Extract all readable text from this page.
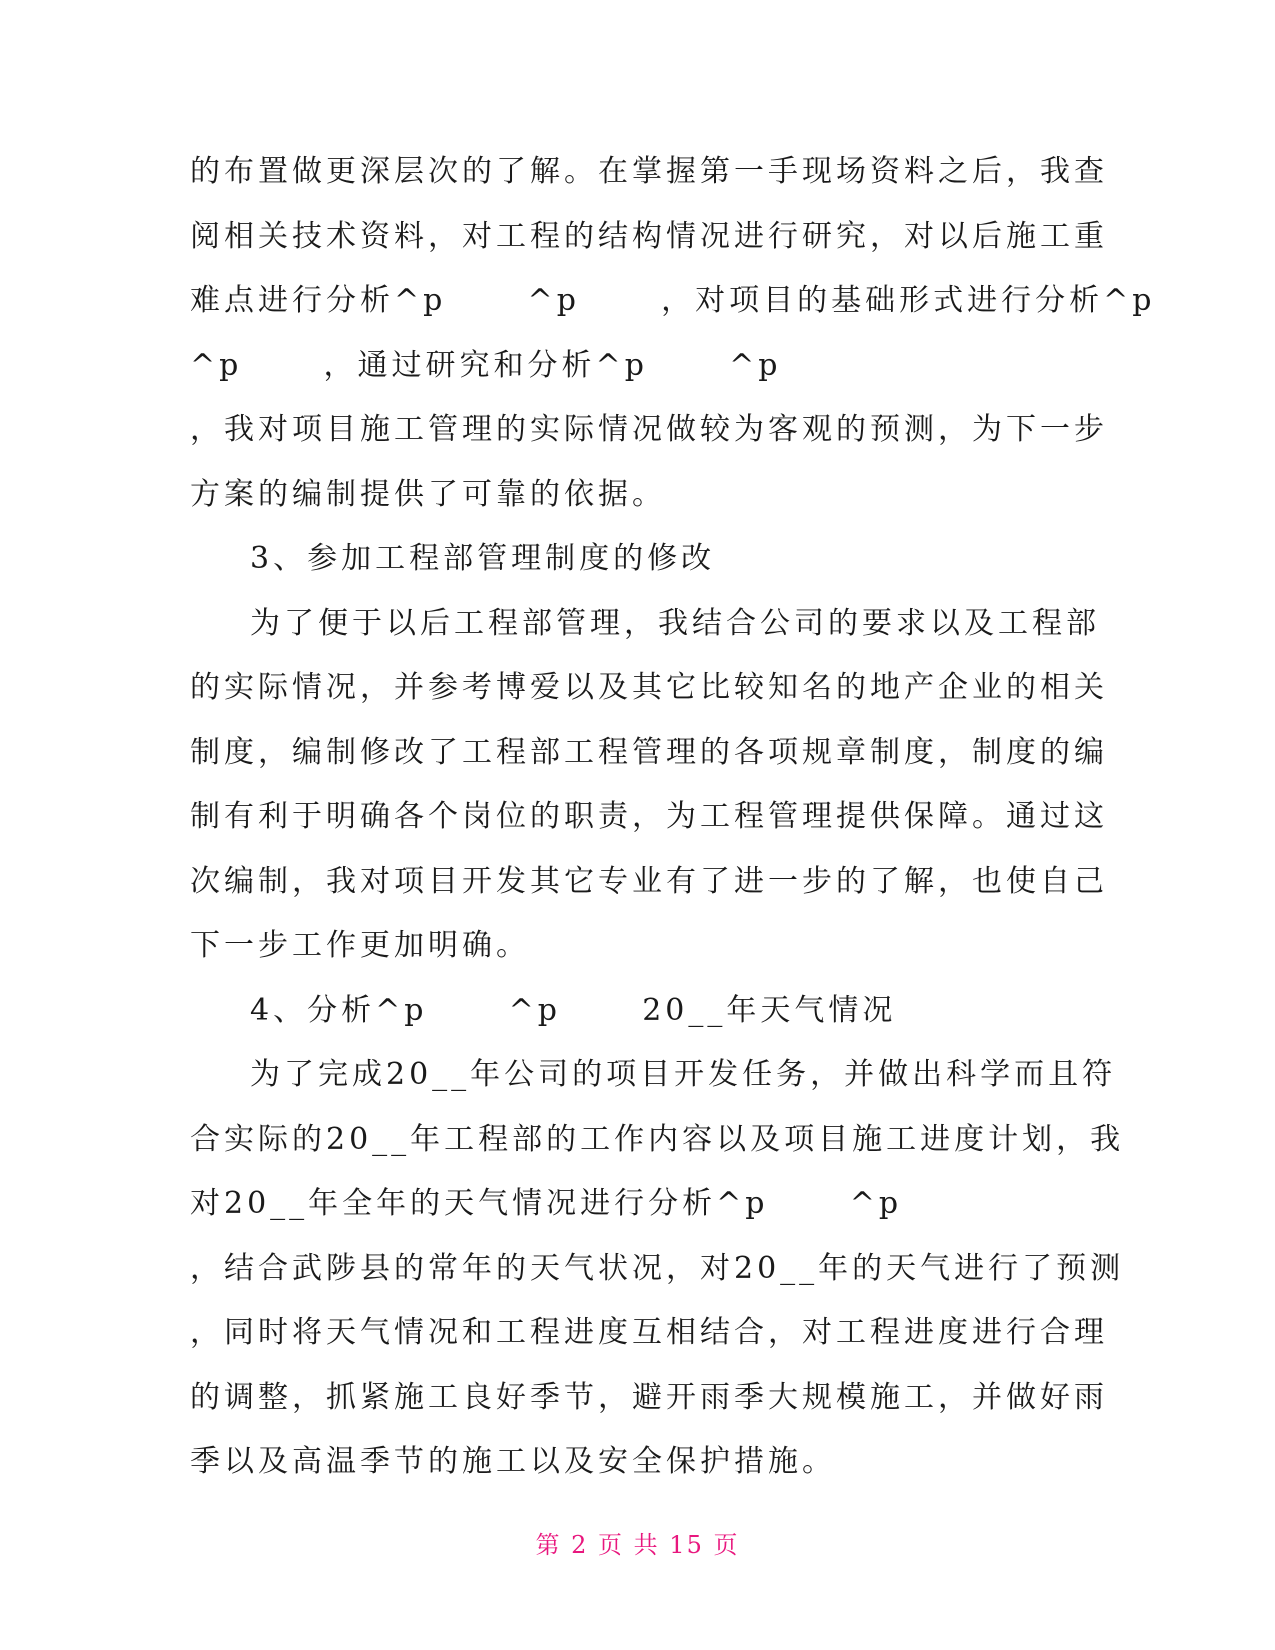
的布置做更深层次的了解。在掌握第一手现场资料之后，我查
阅相关技术资料，对工程的结构情况进行研究，对以后施工重
难点进行分析^p      ^p      ，对项目的基础形式进行分析^p
^p      ，通过研究和分析^p      ^p
，我对项目施工管理的实际情况做较为客观的预测，为下一步
方案的编制提供了可靠的依据。
3、参加工程部管理制度的修改
为了便于以后工程部管理，我结合公司的要求以及工程部
的实际情况，并参考博爱以及其它比较知名的地产企业的相关
制度，编制修改了工程部工程管理的各项规章制度，制度的编
制有利于明确各个岗位的职责，为工程管理提供保障。通过这
次编制，我对项目开发其它专业有了进一步的了解，也使自己
下一步工作更加明确。
4、分析^p      ^p      20__年天气情况
为了完成20__年公司的项目开发任务，并做出科学而且符
合实际的20__年工程部的工作内容以及项目施工进度计划，我
对20__年全年的天气情况进行分析^p      ^p
，结合武陟县的常年的天气状况，对20__年的天气进行了预测
，同时将天气情况和工程进度互相结合，对工程进度进行合理
的调整，抓紧施工良好季节，避开雨季大规模施工，并做好雨
季以及高温季节的施工以及安全保护措施。
第 2 页 共 15 页
